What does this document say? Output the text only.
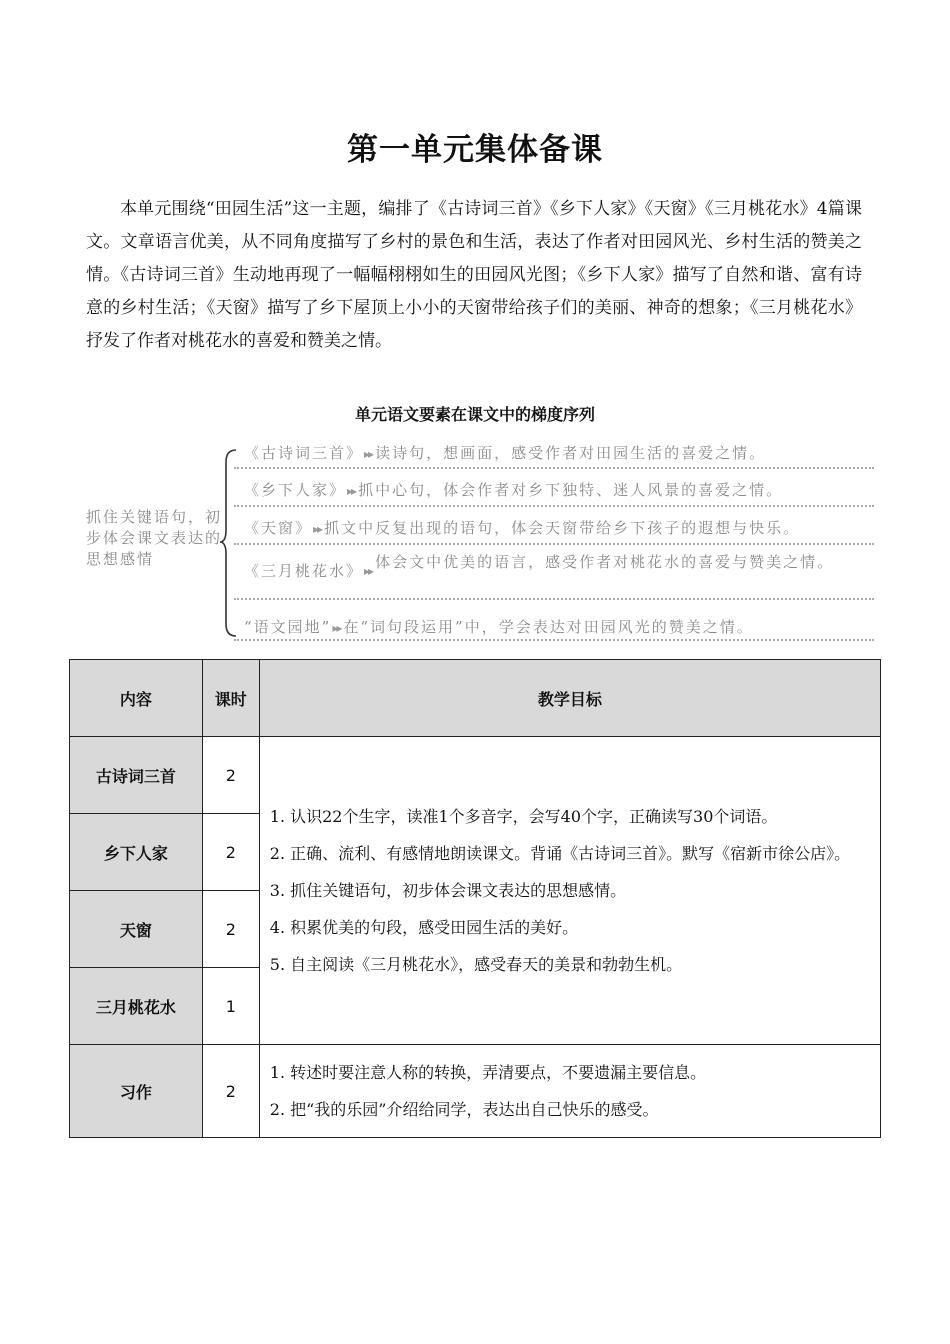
第一单元集体备课
本单元围绕“田园生活”这一主题，编排了《古诗词三首》《乡下人家》《天窗》《三月桃花水》4篇课文。文章语言优美，从不同角度描写了乡村的景色和生活，表达了作者对田园风光、乡村生活的赞美之情。《古诗词三首》生动地再现了一幅幅栩栩如生的田园风光图；《乡下人家》描写了自然和谐、富有诗意的乡村生活；《天窗》描写了乡下屋顶上小小的天窗带给孩子们的美丽、神奇的想象；《三月桃花水》抒发了作者对桃花水的喜爱和赞美之情。
单元语文要素在课文中的梯度序列
抓住关键语句，初步体会课文表达的思想感情
《古诗词三首》▸▸ 读诗句，想画面，感受作者对田园生活的喜爱之情。
《乡下人家》▸▸ 抓中心句，体会作者对乡下独特、迷人风景的喜爱之情。
《天窗》▸▸ 抓文中反复出现的语句，体会天窗带给乡下孩子的遐想与快乐。
《三月桃花水》 ▸▸ 体会文中优美的语言，感受作者对桃花水的喜爱与赞美之情。
“语文园地”▸▸ 在“词句段运用”中，学会表达对田园风光的赞美之情。
内容	课时	教学目标
古诗词三首	2	1. 认识22个生字，读准1个多音字，会写40个字，正确读写30个词语。

2. 正确、流利、有感情地朗读课文。背诵《古诗词三首》。默写《宿新市徐公店》。

3. 抓住关键语句，初步体会课文表达的思想感情。

4. 积累优美的句段，感受田园生活的美好。

5. 自主阅读《三月桃花水》，感受春天的美景和勃勃生机。

乡下人家	2	
天窗	2	
三月桃花水	1	
习作	2	1. 转述时要注意人称的转换，弄清要点，不要遗漏主要信息。

2. 把“我的乐园”介绍给同学，表达出自己快乐的感受。
